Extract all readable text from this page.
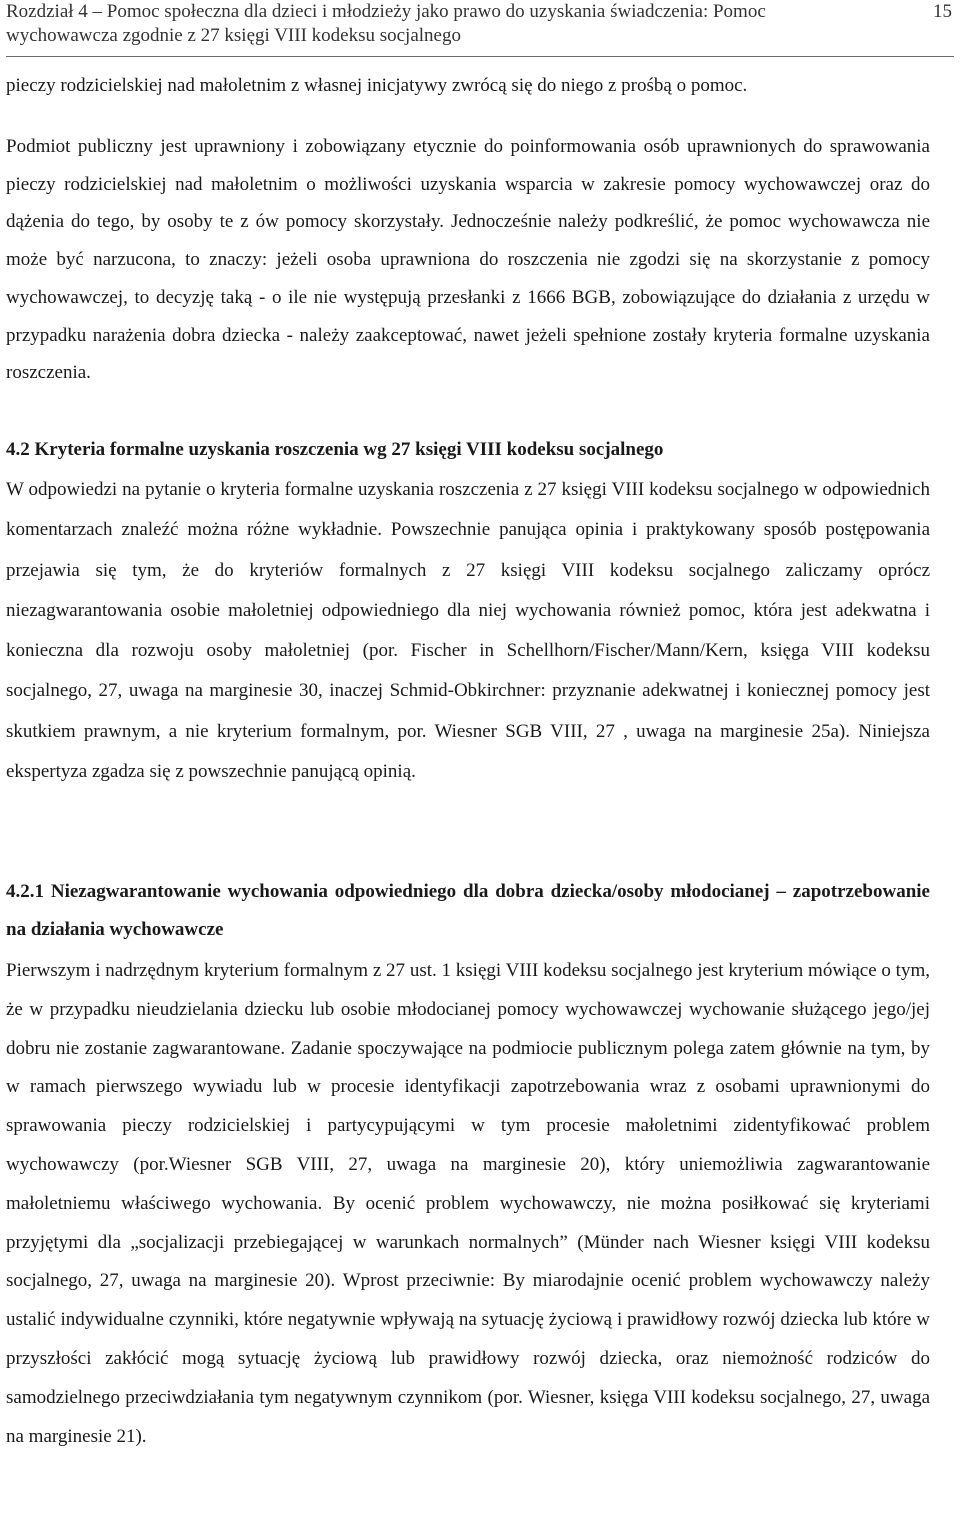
Rozdział 4 – Pomoc społeczna dla dzieci i młodzieży jako prawo do uzyskania świadczenia: Pomoc
wychowawcza zgodnie z 27 księgi VIII kodeksu socjalnego
15

pieczy rodzicielskiej nad małoletnim z własnej inicjatywy zwrócą się do niego z prośbą o pomoc.

Podmiot publiczny jest uprawniony i zobowiązany etycznie do poinformowania osób uprawnionych do sprawowania pieczy rodzicielskiej nad małoletnim o możliwości uzyskania wsparcia w zakresie pomocy wychowawczej oraz do dążenia do tego, by osoby te z ów pomocy skorzystały. Jednocześnie należy podkreślić, że pomoc wychowawcza nie może być narzucona, to znaczy: jeżeli osoba uprawniona do roszczenia nie zgodzi się na skorzystanie z pomocy wychowawczej, to decyzję taką - o ile nie występują przesłanki z 1666 BGB, zobowiązujące do działania z urzędu w przypadku narażenia dobra dziecka - należy zaakceptować, nawet jeżeli spełnione zostały kryteria formalne uzyskania roszczenia.

4.2 Kryteria formalne uzyskania roszczenia wg 27 księgi VIII kodeksu socjalnego

W odpowiedzi na pytanie o kryteria formalne uzyskania roszczenia z 27 księgi VIII kodeksu socjalnego w odpowiednich komentarzach znaleźć można różne wykładnie. Powszechnie panująca opinia i praktykowany sposób postępowania przejawia się tym, że do kryteriów formalnych z 27 księgi VIII kodeksu socjalnego zaliczamy oprócz niezagwarantowania osobie małoletniej odpowiedniego dla niej wychowania również pomoc, która jest adekwatna i konieczna dla rozwoju osoby małoletniej (por. Fischer in Schellhorn/Fischer/Mann/Kern, księga VIII kodeksu socjalnego, 27, uwaga na marginesie 30, inaczej Schmid-Obkirchner: przyznanie adekwatnej i koniecznej pomocy jest skutkiem prawnym, a nie kryterium formalnym, por. Wiesner SGB VIII, 27 , uwaga na marginesie 25a). Niniejsza ekspertyza zgadza się z powszechnie panującą opinią.

4.2.1 Niezagwarantowanie wychowania odpowiedniego dla dobra dziecka/osoby młodocianej – zapotrzebowanie na działania wychowawcze

Pierwszym i nadrzędnym kryterium formalnym z 27 ust. 1 księgi VIII kodeksu socjalnego jest kryterium mówiące o tym, że w przypadku nieudzielania dziecku lub osobie młodocianej pomocy wychowawczej wychowanie służącego jego/jej dobru nie zostanie zagwarantowane. Zadanie spoczywające na podmiocie publicznym polega zatem głównie na tym, by w ramach pierwszego wywiadu lub w procesie identyfikacji zapotrzebowania wraz z osobami uprawnionymi do sprawowania pieczy rodzicielskiej i partycypującymi w tym procesie małoletnimi zidentyfikować problem wychowawczy (por.Wiesner SGB VIII, 27, uwaga na marginesie 20), który uniemożliwia zagwarantowanie małoletniemu właściwego wychowania. By ocenić problem wychowawczy, nie można posiłkować się kryteriami przyjętymi dla „socjalizacji przebiegającej w warunkach normalnych” (Münder nach Wiesner księgi VIII kodeksu socjalnego, 27, uwaga na marginesie 20). Wprost przeciwnie: By miarodajnie ocenić problem wychowawczy należy ustalić indywidualne czynniki, które negatywnie wpływają na sytuację życiową i prawidłowy rozwój dziecka lub które w przyszłości zakłócić mogą sytuację życiową lub prawidłowy rozwój dziecka, oraz niemożność rodziców do samodzielnego przeciwdziałania tym negatywnym czynnikom (por. Wiesner, księga VIII kodeksu socjalnego, 27, uwaga na marginesie 21).
